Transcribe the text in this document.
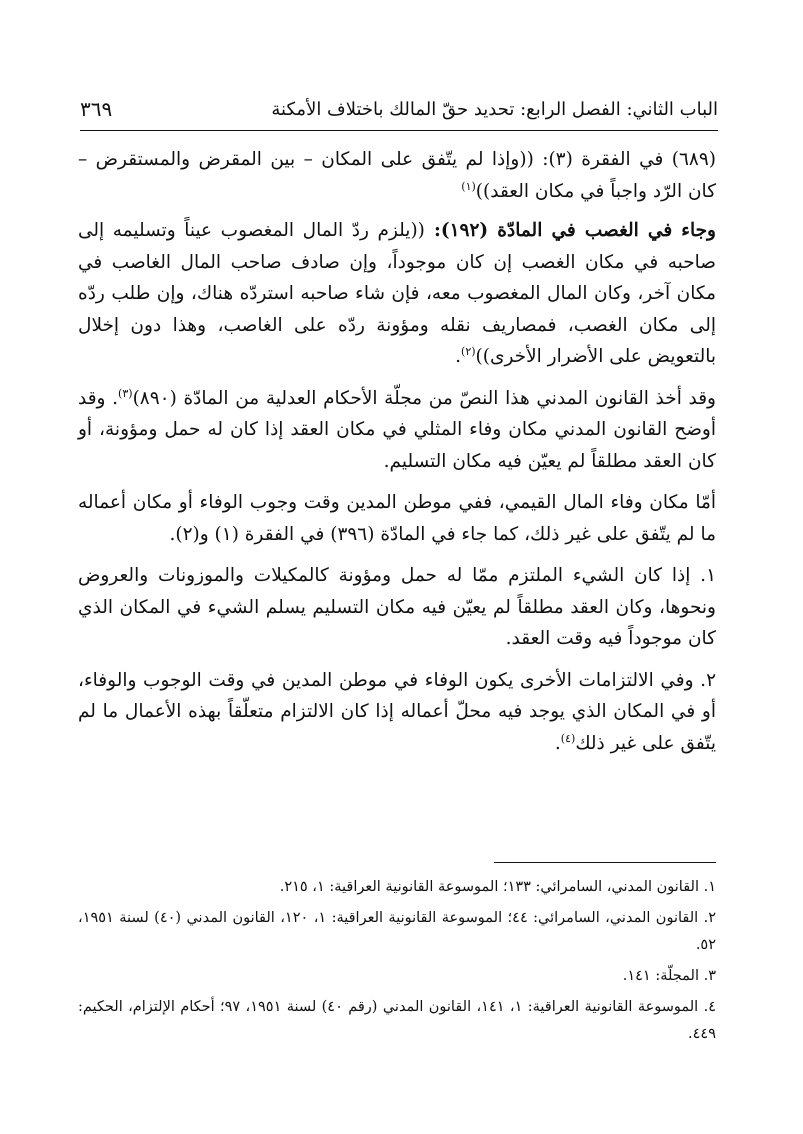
الباب الثاني: الفصل الرابع: تحديد حقّ المالك باختلاف الأمكنة
٣٦٩

(٦٨٩) في الفقرة (٣): ((وإذا لم يتّفق على المكان – بين المقرض والمستقرض – كان الرّد واجباً في مكان العقد))$^{(١)}$

وجاء في الغصب في المادّة (١٩٢): ((يلزم ردّ المال المغصوب عيناً وتسليمه إلى صاحبه في مكان الغصب إن كان موجوداً، وإن صادف صاحب المال الغاصب في مكان آخر، وكان المال المغصوب معه، فإن شاء صاحبه استردّه هناك، وإن طلب ردّه إلى مكان الغصب، فمصاريف نقله ومؤونة ردّه على الغاصب، وهذا دون إخلال بالتعويض على الأضرار الأخرى))$^{(٢)}$.

وقد أخذ القانون المدني هذا النصّ من مجلّة الأحكام العدلية من المادّة (٨٩٠)$^{(٣)}$. وقد أوضح القانون المدني مكان وفاء المثلي في مكان العقد إذا كان له حمل ومؤونة، أو كان العقد مطلقاً لم يعيّن فيه مكان التسليم.

أمّا مكان وفاء المال القيمي، ففي موطن المدين وقت وجوب الوفاء أو مكان أعماله ما لم يتّفق على غير ذلك، كما جاء في المادّة (٣٩٦) في الفقرة (١) و(٢).

١. إذا كان الشيء الملتزم ممّا له حمل ومؤونة كالمكيلات والموزونات والعروض ونحوها، وكان العقد مطلقاً لم يعيّن فيه مكان التسليم يسلم الشيء في المكان الذي كان موجوداً فيه وقت العقد.

٢. وفي الالتزامات الأخرى يكون الوفاء في موطن المدين في وقت الوجوب والوفاء، أو في المكان الذي يوجد فيه محلّ أعماله إذا كان الالتزام متعلّقاً بهذه الأعمال ما لم يتّفق على غير ذلك$^{(٤)}$.

١. القانون المدني، السامرائي: ١٣٣؛ الموسوعة القانونية العراقية: ١، ٢١٥.

٢. القانون المدني، السامرائي: ٤٤؛ الموسوعة القانونية العراقية: ١، ١٢٠، القانون المدني (٤٠) لسنة ١٩٥١، ٥٢.

٣. المجلّة: ١٤١.

٤. الموسوعة القانونية العراقية: ١، ١٤١، القانون المدني (رقم ٤٠) لسنة ١٩٥١، ٩٧؛ أحكام الإلتزام، الحكيم: ٤٤٩.
